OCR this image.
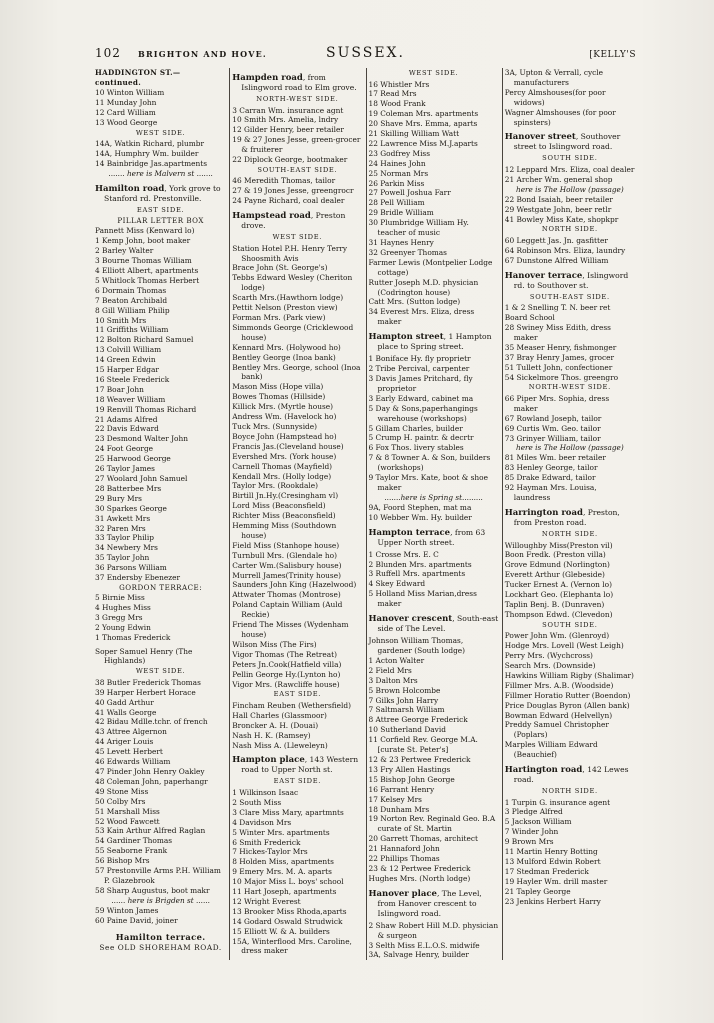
102 BRIGHTON AND HOVE.	SUSSEX.	[KELLY'S
HADDINGTON ST.—continued.
10 Winton William
11 Munday John
12 Card William
13 Wood George
WEST SIDE.
14A, Watkin Richard, plumbr
14A, Humphry Wm. builder
14 Bainbridge Jas.apartments
....... here is Malvern st .......
Hamilton road, York grove to Stanford rd. Prestonville.
EAST SIDE.
PILLAR LETTER BOX
Pannett Miss (Kenward lo)
1 Kemp John, boot maker
2 Barley Walter
3 Bourne Thomas William
4 Elliott Albert, apartments
5 Whitlock Thomas Herbert
6 Dormain Thomas
7 Beaton Archibald
8 Gill William Philip
10 Smith Mrs
11 Griffiths William
12 Bolton Richard Samuel
13 Colvill William
14 Green Edwin
15 Harper Edgar
16 Steele Frederick
17 Boar John
18 Weaver William
19 Renvill Thomas Richard
21 Adams Alfred
22 Davis Edward
23 Desmond Walter John
24 Foot George
25 Harwood George
26 Taylor James
27 Woolard John Samuel
28 Batterbee Mrs
29 Bury Mrs
30 Sparkes George
31 Awkett Mrs
32 Paren Mrs
33 Taylor Philip
34 Newbery Mrs
35 Taylor John
36 Parsons William
37 Endersby Ebenezer
GORDON TERRACE:
5 Birnie Miss
4 Hughes Miss
3 Gregg Mrs
2 Young Edwin
1 Thomas Frederick
Soper Samuel Henry (The Highlands)
WEST SIDE.
38 Butler Frederick Thomas
39 Harper Herbert Horace
40 Gadd Arthur
41 Walls George
42 Bidau Mdlle.tchr. of french
43 Attree Algernon
44 Ariger Louis
45 Levett Herbert
46 Edwards William
47 Pinder John Henry Oakley
48 Coleman John, paperhangr
49 Stone Miss
50 Colby Mrs
51 Marshall Miss
52 Wood Fawcett
53 Kain Arthur Alfred Raglan
54 Gardiner Thomas
55 Seaborne Frank
56 Bishop Mrs
57 Prestonville Arms P.H. William P. Glazebrook
58 Sharp Augustus, boot makr
...... here is Brigden st ......
59 Winton James
60 Paine David, joiner
Hamilton terrace.
See OLD SHOREHAM ROAD.
Hampden road, from Islingword road to Elm grove.
NORTH-WEST SIDE.
3 Carran Wm. insurance agnt
10 Smith Mrs. Amelia, lndry
12 Gilder Henry, beer retailer
19 & 27 Jones Jesse, green-grocer & fruiterer
22 Diplock George, bootmaker
SOUTH-EAST SIDE.
46 Meredith Thomas, tailor
27 & 19 Jones Jesse, greengrocr
24 Payne Richard, coal dealer
Hampstead road, Preston drove.
WEST SIDE.
Station Hotel P.H. Henry Terry Shoosmith Avis
Brace John (St. George's)
Tebbs Edward Wesley (Cheriton lodge)
Scarth Mrs.(Hawthorn lodge)
Pettit Nelson (Preston view)
Forman Mrs. (Park view)
Simmonds George (Cricklewood house)
Kennard Mrs. (Holywood ho)
Bentley George (Inoa bank)
Bentley Mrs. George, school (Inoa bank)
Mason Miss (Hope villa)
Bowes Thomas (Hillside)
Killick Mrs. (Myrtle house)
Andress Wm. (Havelock ho)
Tuck Mrs. (Sunnyside)
Boyce John (Hampstead ho)
Francis Jas.(Cleveland house)
Evershed Mrs. (York house)
Carnell Thomas (Mayfield)
Kendall Mrs. (Holly lodge)
Taylor Mrs. (Rookdale)
Birtill Jn.Hy.(Cresingham vl)
Lord Miss (Beaconsfield)
Richter Miss (Beaconsfield)
Hemming Miss (Southdown house)
Field Miss (Stanhope house)
Turnbull Mrs. (Glendale ho)
Carter Wm.(Salisbury house)
Murrell James(Trinity house)
Saunders John King (Hazelwood)
Attwater Thomas (Montrose)
Poland Captain William (Auld Reckie)
Friend The Misses (Wydenham house)
Wilson Miss (The Firs)
Vigor Thomas (The Retreat)
Peters Jn.Cook(Hatfield villa)
Pellin George Hy.(Lynton ho)
Vigor Mrs. (Rawcliffe house)
EAST SIDE.
Fincham Reuben (Wethersfield)
Hall Charles (Glassmoor)
Broncker A. H. (Douai)
Nash H. K. (Ramsey)
Nash Miss A. (Lleweleyn)
Hampton place, 143 Western road to Upper North st.
EAST SIDE.
1 Wilkinson Isaac
2 South Miss
3 Clare Miss Mary, apartmnts
4 Davidson Mrs
5 Winter Mrs. apartments
6 Smith Frederick
7 Hickes-Taylor Mrs
8 Holden Miss, apartments
9 Emery Mrs. M. A. aparts
10 Major Miss L. boys' school
11 Hart Joseph, apartments
12 Wright Everest
13 Brooker Miss Rhoda,aparts
14 Godard Oswald Strudwick
15 Elliott W. & A. builders
15A, Winterflood Mrs. Caroline, dress maker
WEST SIDE.
16 Whistler Mrs
17 Read Mrs
18 Wood Frank
19 Coleman Mrs. apartments
20 Shave Mrs. Emma, aparts
21 Skilling William Watt
22 Lawrence Miss M.J.aparts
23 Godfrey Miss
24 Haines John
25 Norman Mrs
26 Parkin Miss
27 Powell Joshua Farr
28 Pell William
29 Bridle William
30 Plumbridge William Hy. teacher of music
31 Haynes Henry
32 Greenyer Thomas
Farmer Lewis (Montpelier Lodge cottage)
Rutter Joseph M.D. physician (Codrington house)
Catt Mrs. (Sutton lodge)
34 Everest Mrs. Eliza, dress maker
Hampton street, 1 Hampton place to Spring street.
1 Boniface Hy. fly proprietr
2 Tribe Percival, carpenter
3 Davis James Pritchard, fly proprietor
3 Early Edward, cabinet ma
5 Day & Sons,paperhangings warehouse (workshops)
5 Gillam Charles, builder
5 Crump H. paintr. & decrtr
6 Fox Thos. livery stables
7 & 8 Towner A. & Son, builders (workshops)
9 Taylor Mrs. Kate, boot & shoe maker
.......here is Spring st.........
9A, Foord Stephen, mat ma
10 Webber Wm. Hy. builder
Hampton terrace, from 63 Upper North street.
1 Crosse Mrs. E. C
2 Blunden Mrs. apartments
3 Ruffell Mrs. apartments
4 Skey Edward
5 Holland Miss Marian,dress maker
Hanover crescent, South-east side of The Level.
Johnson William Thomas, gardener (South lodge)
1 Acton Walter
2 Field Mrs
3 Dalton Mrs
5 Brown Holcombe
7 Gilks John Harry
7 Saltmarsh William
8 Attree George Frederick
10 Sutherland David
11 Corfield Rev. George M.A. [curate St. Peter's]
12 & 23 Pertwee Frederick
13 Fry Allen Hastings
15 Bishop John George
16 Farrant Henry
17 Kelsey Mrs
18 Dunham Mrs
19 Norton Rev. Reginald Geo. B.A curate of St. Martin
20 Garrett Thomas, architect
21 Hannaford John
22 Phillips Thomas
23 & 12 Pertwee Frederick
Hughes Mrs. (North lodge)
Hanover place, The Level, from Hanover crescent to Islingword road.
2 Shaw Robert Hill M.D. physician & surgeon
3 Selth Miss E.L.O.S. midwife
3A, Salvage Henry, builder
3A, Upton & Verrall, cycle manufacturers
Percy Almshouses(for poor widows)
Wagner Almshouses (for poor spinsters)
Hanover street, Southover street to Islingword road.
SOUTH SIDE.
12 Leppard Mrs. Eliza, coal dealer
21 Archer Wm. general shop
here is The Hollow (passage)
22 Bond Isaiah, beer retailer
29 Westgate John, beer retlr
41 Bowley Miss Kate, shopkpr
NORTH SIDE.
60 Leggett Jas. Jn. gasfitter
64 Robinson Mrs. Eliza, laundry
67 Dunstone Alfred William
Hanover terrace, Islingword rd. to Southover st.
SOUTH-EAST SIDE.
1 & 2 Snelling T. N. beer ret
Board School
28 Swiney Miss Edith, dress maker
35 Measer Henry, fishmonger
37 Bray Henry James, grocer
51 Tullett John, confectioner
54 Sickelmore Thos. greengro
NORTH-WEST SIDE.
66 Piper Mrs. Sophia, dress maker
67 Rowland Joseph, tailor
69 Curtis Wm. Geo. tailor
73 Grinyer William, tailor
here is The Hollow (passage)
81 Miles Wm. beer retailer
83 Henley George, tailor
85 Drake Edward, tailor
92 Hayman Mrs. Louisa, laundress
Harrington road, Preston, from Preston road.
NORTH SIDE.
Willoughby Miss(Preston vil)
Boon Fredk. (Preston villa)
Grove Edmund (Norlington)
Everett Arthur (Glebeside)
Tucker Ernest A. (Vernon lo)
Lockhart Geo. (Elephanta lo)
Taplin Benj. B. (Dunraven)
Thompson Edwd. (Clevedon)
SOUTH SIDE.
Power John Wm. (Glenroyd)
Hodge Mrs. Lovell (West Leigh)
Perry Mrs. (Wychcross)
Search Mrs. (Downside)
Hawkins William Rigby (Shalimar)
Fillmer Mrs. A.B. (Woodside)
Fillmer Horatio Rutter (Boendon)
Price Douglas Byron (Allen bank)
Bowman Edward (Helvellyn)
Preddy Samuel Christopher (Poplars)
Marples William Edward (Beauchief)
Hartington road, 142 Lewes road.
NORTH SIDE.
1 Turpin G. insurance agent
3 Pledge Alfred
5 Jackson William
7 Winder John
9 Brown Mrs
11 Martin Henry Botting
13 Mulford Edwin Robert
17 Stedman Frederick
19 Hayler Wm. drill master
21 Tapley George
23 Jenkins Herbert Harry
